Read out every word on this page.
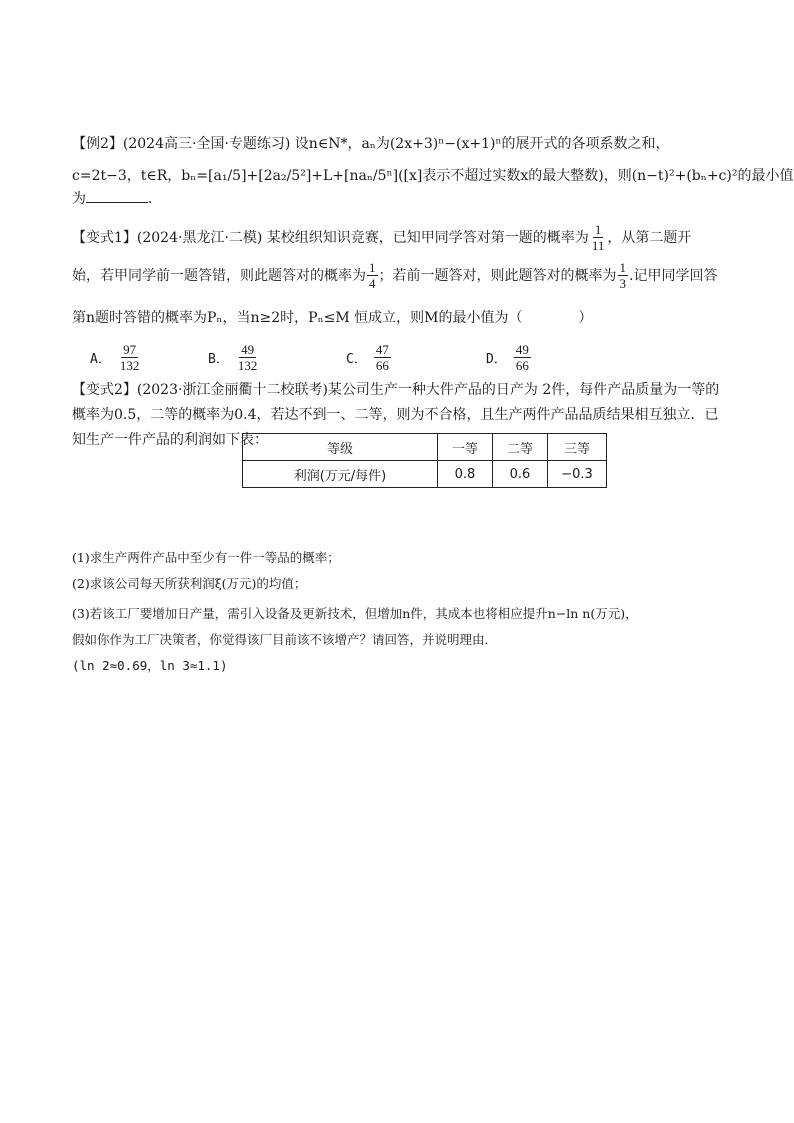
【例2】(2024高三·全国·专题练习) 设n∈N*，aₙ为(2x+3)ⁿ−(x+1)ⁿ的展开式的各项系数之和，
c=2t−3，t∈R，bₙ=[a₁/5]+[2a₂/5²]+L+[naₙ/5ⁿ]([x]表示不超过实数x的最大整数)，则(n−t)²+(bₙ+c)²的最小值
为	．
【变式1】(2024·黑龙江·二模) 某校组织知识竞赛，已知甲同学答对第一题的概率为 $\frac{1}{11}$ ，从第二题开
始，若甲同学前一题答错，则此题答对的概率为 $\frac{1}{4}$ ；若前一题答对，则此题答对的概率为 $\frac{1}{3}$ .记甲同学回答
第n题时答错的概率为Pₙ，当n≥2时，Pₙ≤M 恒成立，则M的最小值为（　　　　）
A． $\frac{97}{132}$	B． $\frac{49}{132}$	C． $\frac{47}{66}$	D． $\frac{49}{66}$
【变式2】(2023·浙江金丽衢十二校联考)某公司生产一种大件产品的日产为 2件，每件产品质量为一等的
概率为0.5，二等的概率为0.4，若达不到一、二等，则为不合格，且生产两件产品品质结果相互独立．已
知生产一件产品的利润如下表：
等级	一等	二等	三等
利润(万元/每件)	0.8	0.6	−0.3
(1)求生产两件产品中至少有一件一等品的概率；
(2)求该公司每天所获利润ξ(万元)的均值；
(3)若该工厂要增加日产量，需引入设备及更新技术，但增加n件，其成本也将相应提升n−ln n(万元)，
假如你作为工厂决策者，你觉得该厂目前该不该增产？请回答，并说明理由．
(ln 2≈0.69，ln 3≈1.1)
